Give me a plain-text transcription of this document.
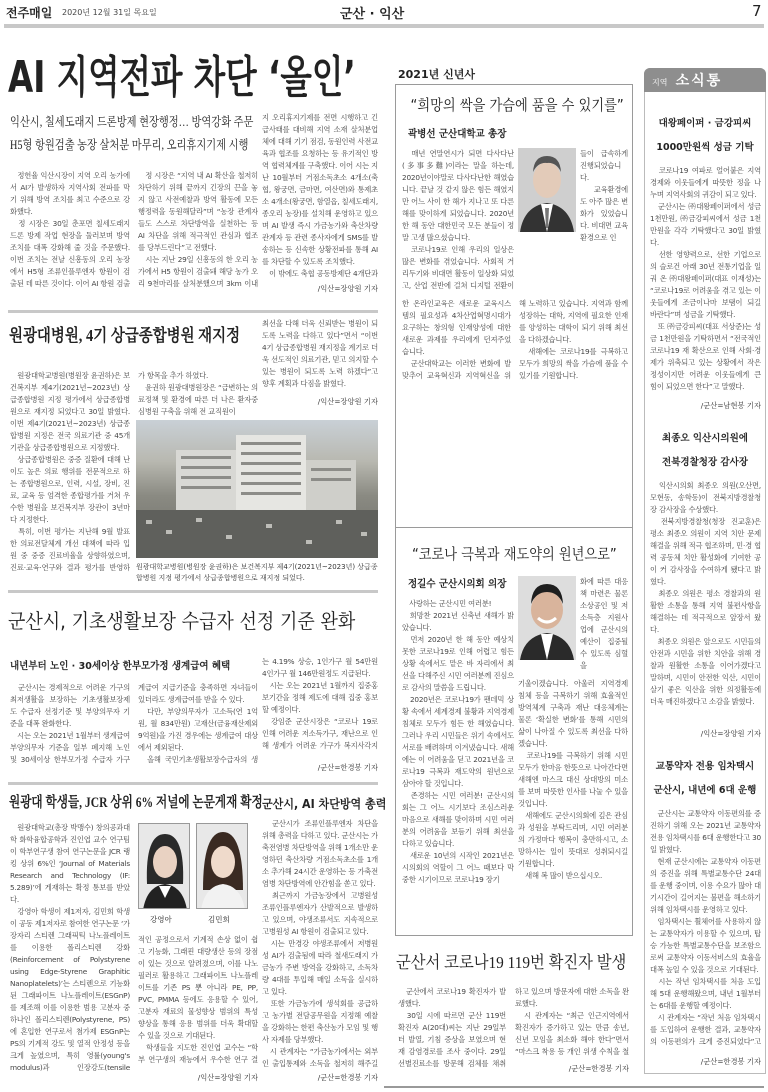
전주매일 2020년 12월 31일 목요일	군산 · 익산	7
AI 지역전파 차단 ‘올인’
익산시, 칠세도래지 드론방제 현장행정… 방역강화 주문
H5형 항원검출 농장 살처분 마무리, 오리휴지기제 시행
　정헌율 익산시장이 지역 오리 농가에서 AI가 발생하자 지역사회 전파를 막기 위해 방역 조치를 최고 수준으로 강화했다.
　정 시장은 30일 춘포면 칠세도래지 드론 방제 작업 현장을 둘러보며 방역 조치를 대폭 강화해 줄 것을 주문했다. 이번 조치는 전날 신흥동의 오리 농장에서 H5형 조류인플루엔자 항원이 검출된 데 따른 것이다. 이어 AI 항원 검출
　정 시장은 “지역 내 AI 확산을 철저히 차단하기 위해 끝까지 긴장의 끈을 놓지 않고 사전예찰과 방역 활동에 모든 행정력을 동원해달라”며 “농장 관계자들도 스스로 차단방역을 실천하는 등 AI 차단을 위해 적극적인 관심과 협조를 당부드린다”고 전했다.
　시는 지난 29일 신흥동의 한 오리 농가에서 H5 항원이 검출돼 해당 농가 오리 9천마리를 살처분했으며 3km 이내

지 오리휴지기제를 전면 시행하고 긴급사태를 대비해 지역 소재 살처분업체에 대해 기기 점검, 동원인력 사전교육과 협조를 요청하는 등 유기적인 방역 협력체계를 구축했다. 이어 시는 지난 10월부터 거점소독초소 4개소(축협, 왕궁면, 금마면, 여산면)와 통제초소 4개소(왕궁면, 함열읍, 칠세도래지, 종오리 농장)를 설치해 운영하고 있으며 AI 발생 즉시 가금농가와 축산차량 관계자 등 관련 종사자에게 SMS를 발송하는 등 신속한 상황전파를 통해 AI를 차단할 수 있도록 조치했다.
　이 밖에도 축협 공동방제단 4개단과
/익산=장양원 기자
원광대병원, 4기 상급종합병원 재지정
　원광대학교병원(병원장 윤권하)은 보건복지부 제4기(2021년~2023년) 상급종합병원 지정 평가에서 상급종합병원으로 재지정 되었다고 30일 밝혔다. 이번 제4기(2021년~2023년) 상급종합병원 지정은 전국 의료기관 중 45개 기관을 상급종합병원으로 지정했다.
　상급종합병원은 중증 질환에 대해 난이도 높은 의료 행위를 전문적으로 하는 종합병원으로, 인력, 시설, 장비, 진료, 교육 등 엄격한 종합평가를 거쳐 우수한 병원을 보건복지부 장관이 3년마다 지정한다.
　특히, 이번 평가는 지난해 9월 발표한 의료전달체계 개선 대책에 따라 입원 중 중증 진료비율을 상향하였으며, 진료·교육·연구와 결과 평가를 반영하
가 항목을 추가 하였다.
　윤권하 원광대병원장은 “급변하는 의료정책 및 환경에 따른 더 나은 환자중심병원 구축을 위해 전 교직원이
최선을 다해 더욱 신뢰받는 병원이 되도록 노력을 다하고 있다”면서 “이번 4기 상급종합병원 재지정을 계기로 더욱 선도적인 의료기관, 믿고 의지할 수 있는 병원이 되도록 노력 하겠다”고 향후 계획과 다짐을 밝혔다.
/익산=장양원 기자
원광대학교병원(병원장 윤권하)은 보건복지부 제4기(2021년~2023년) 상급종합병원 지정 평가에서 상급종합병원으로 재지정 되었다.
군산시, 기초생활보장 수급자 선정 기준 완화
내년부터 노인 · 30세이상 한부모가정 생계급여 혜택
　군산시는 경제적으로 어려운 가구의 최저생활을 보장하는 기초생활보장제도 수급자 선정기준 및 부양의무자 기준을 대폭 완화한다.
　시는 오는 2021년 1월부터 생계급여 부양의무자 기준을 일부 폐지해 노인 및 30세이상 한부모가정 수급자 가구

계급여 지급기준을 충족하면 자녀들이 있더라도 생계급여를 받을 수 있다.
　다만, 부양의무자가 고소득(연 1억원, 월 834만원) 고재산(금융재산제외 9억원)을 가진 경우에는 생계급여 대상에서 제외된다.
　올해 국민기초생활보장수급자의 생
는 4.19% 상승, 1인가구 월 54만원 4인가구 월 146만원정도 지급된다.
　시는 오는 2021년 1월까지 집중홍보기간을 정해 제도에 대해 집중 홍보할 예정이다.
　강임준 군산시장은 “코로나 19로 인해 어려운 저소득가구, 재난으로 인해 생계가 어려운 가구가 복지사각지
/군산=한경봉 기자
원광대 학생들, JCR 상위 6% 저널에 논문게재 확정
　원광대학교(총장 박맹수) 창의공과대학 화학융합공학과 진인엽 교수 연구팀이 학부연구생 참여 연구논문을 JCR 랭킹 상위 6%인 ‘Journal of Materials Research and Technology (IF: 5.289)’에 게재하는 확정 통보를 받았다.
　강영아 학생이 제1저자, 김민희 학생이 공동 제1저자로 참여한 연구논문 ‘가장자리 스티렌 그래픽틱 나노플레이트를 이용한 폴리스티렌 강화(Reinforcement of Polystyrene using Edge-Styrene Graphitic Nanoplatelets)’는 스티렌으로 기능화된 그래파이트 나노플레이트(ESGnP)를 제조해 이를 이용한 범용 고분자 중 하나인 폴리스티렌(Polystyrene, PS)에 혼입한 연구로서 첨가제 ESGnP는 PS의 기계적 강도 및 열적 안정성 등을 크게 높였으며, 특히 영률(young's modulus)과 인장강도(tensile

강영아	김민희
적인 공정으로서 기계적 손상 없이 쉽고 기능화, 그래핀 대량생산 등의 장점이 있는 것으로 알려졌으며, 이를 나노필러로 활용하고 그래파이트 나노플레이트를 기존 PS 뿐 아니라 PE, PP, PVC, PMMA 등에도 응용할 수 있어, 고분자 재료의 물성향상 범위의 특성 향상을 통해 응용 범위를 더욱 확대할 수 있을 것으로 기대된다.
　학생들을 지도한 진인엽 교수는 “학부 연구생의 재능에서 우수한 연구 결
/익산=장양원 기자
군산시, AI 차단방역 총력
　군산시가 조류인플루엔자 차단을 위해 총력을 다하고 있다. 군산시는 가축전염병 차단방역을 위해 1개소만 운영하던 축산차량 거점소독초소를 1개소 추가해 24시간 운영하는 등 가축전염병 차단방역에 안간힘을 쏟고 있다.
　최근까지 가금농장에서 고병원성 조류인플루엔자가 산발적으로 발생하고 있으며, 야생조류서도 지속적으로 고병원성 AI 항원이 검출되고 있다.
　시는 만경강 야생조류에서 저병원성 AI가 검출됨에 따라 철새도래지 가금농가 주변 방역을 강화하고, 소독차량 4대를 투입해 매일 소독을 실시하고 있다.
　또한 가금농가에 생석회를 공급하고 농가별 전담공무원을 지정해 예찰을 강화하는 한편 축산농가 모임 및 행사 자제를 당부했다.
　시 관계자는 “가금농가에서는 외부인 출입통제와 소독을 철저히 해주길
/군산=한경봉 기자
2021년 신년사
“희망의 싹을 가슴에 품을 수 있기를”
곽병선 군산대학교 총장
　매년 연말연시가 되면 다사다난(多事多難)이라는 말을 하는데, 2020년이야말로 다사다난한 해였습니다. 끝날 것 같지 않은 힘든 해였지만 어느 사이 한 해가 지나고 또 다른 해를 맞이하게 되었습니다. 2020년 한 해 동안 대한민국 모든 분들이 정말 고생 많으셨습니다.
　코로나19로 인해 우리의 일상은 많은 변화를 겪었습니다. 사회적 거리두기와 비대면 활동이 일상화 되었고, 산업 전반에 걸쳐 디지털 전환이
들이 급속하게 진행되었습니다.
　교육환경에도 아주 많은 변화가 있었습니다. 비대면 교육환경으로 인
한 온라인교육은 새로운 교육시스템의 필요성과 4차산업혁명시대가 요구하는 창의형 인재양성에 대한 새로운 과제를 우리에게 던져주었습니다.
　군산대학교는 이러한 변화에 발맞추어 교육혁신과 지역혁신을 위해 노력하고 있습니다. 지역과 함께 성장하는 대학, 지역에 필요한 인재를 양성하는 대학이 되기 위해 최선을 다하겠습니다.
　새해에는 코로나19를 극복하고 모두가 희망의 싹을 가슴에 품을 수 있기를 기원합니다.
“코로나 극복과 재도약의 원년으로”
정길수 군산시의회 의장
　사랑하는 군산시민 여러분!
　희망찬 2021년 신축년 새해가 밝았습니다.
　먼저 2020년 한 해 동안 예상치 못한 코로나19로 인해 어렵고 힘든 상황 속에서도 맡은 바 자리에서 최선을 다해주신 시민 여러분께 진심으로 감사의 말씀을 드립니다.
　2020년은 코로나19가 팬데믹 상황 속에서 세계경제 불황과 지역경제 침체로 모두가 힘든 한 해였습니다. 그러나 우리 시민들은 위기 속에서도 서로를 배려하며 이겨냈습니다. 새해에는 이 어려움을 딛고 2021년을 코로나19 극복과 재도약의 원년으로 삼아야 할 것입니다.
　존경하는 시민 여러분! 군산시의회는 그 어느 시기보다 조심스러운 마음으로 새해를 맞이하며 시민 여러분의 어려움을 보듬기 위해 최선을 다하고 있습니다.
　새로운 10년의 시작인 2021년은 시의회의 역할이 그 어느 때보다 막중한 시기이므로 코로나19 장기
화에 따른 대응책 마련은 물론 소상공인 및 저소득층 지원사업에 군산시의 예산이 집중될 수 있도록 심혈을
기울이겠습니다. 아울러 지역경제 침체 등을 극복하기 위해 효율적인 방역체계 구축과 재난 대응체계는 물론 ‘확실한 변화’를 통해 시민의 삶이 나아질 수 있도록 최선을 다하겠습니다.
　코로나19를 극복하기 위해 시민 모두가 한마음 한뜻으로 나아간다면 새해엔 마스크 대신 상대방의 미소를 보며 따뜻한 인사를 나눌 수 있을 것입니다.
　새해에도 군산시의회에 깊은 관심과 성원을 부탁드리며, 시민 여러분의 가정마다 행복이 충만하시고, 소망하시는 일이 뜻대로 성취되시길 기원합니다.
　새해 복 많이 받으십시오.
군산서 코로나19 119번 확진자 발생
　군산에서 코로나19 확진자가 발생했다.
　30일 시에 따르면 군산 119번 확진자 A(20대)씨는 지난 29일부터 발열, 기침 증상을 보였으며 현재 감염경로를 조사 중이다. 29일 선별진료소를 방문해 검체를 채취

하고 있으며 방문자에 대한 소독을 완료했다.
　시 관계자는 “최근 인근지역에서 확진자가 증가하고 있는 만큼 송년, 신년 모임을 최소화 해야 한다”면서 “마스크 착용 등 개인 위생 수칙을 철
/군산=한경봉 기자
지역 소식통
대왕페이퍼 · 금강피씨
1000만원씩 성금 기탁
　코로나19 여파로 얼어붙은 지역경제와 이웃들에게 따뜻한 정을 나누며 지역사회의 귀감이 되고 있다.
　군산시는 ㈜대왕페이퍼에서 성금 1천만원, ㈜금강피씨에서 성금 1천만원을 각각 기탁했다고 30일 밝혔다.
　선한 영향력으로, 선한 기업으로의 슬로건 아래 30년 전통기업을 일궈 온 ㈜대왕페이퍼(대표 이재성)는 “코로나19로 어려움을 겪고 있는 이웃들에게 조금이나마 보탬이 되길 바란다”며 성금을 기탁했다.
　또 ㈜금강피씨(대표 서상준)는 성금 1천만원을 기탁하면서 “전국적인 코로나19 재 확산으로 인해 사회·경제가 위축되고 있는 상황에서 작은 정성이지만 어려운 이웃들에게 큰 힘이 되었으면 한다”고 말했다.
/군산=남현봉 기자
최종오 익산시의원에
전북경찰청장 감사장
　익산시의회 최종오 의원(오산면, 모현동, 송학동)이 전북지방경찰청장 감사장을 수상했다.
　전북지방경찰청(청장 진교훈)은 평소 최종오 의원이 지역 치안 문제해결을 위해 적극 협조하며, 민·경 협력 공동체 치안 활성화에 기여한 공이 커 감사장을 수여하게 됐다고 밝혔다.
　최종오 의원은 평소 경찰과의 원활한 소통을 통해 지역 불편사항을 해결하는 데 적극적으로 앞장서 왔다.
　최종오 의원은 앞으로도 시민들의 안전과 시민을 위한 치안을 위해 경찰과 원활한 소통을 이어가겠다고 말하며, 시민이 안전한 익산, 시민이 살기 좋은 익산을 위한 의정활동에 더욱 매진하겠다고 소감을 밝혔다.
/익산=장양원 기자
교통약자 전용 임차택시
군산시, 내년에 6대 운행
　군산시는 교통약자 이동편의를 증진하기 위해 오는 2021년 교통약자 전용 임차택시를 6대 운행한다고 30일 밝혔다.
　현재 군산시에는 교통약자 이동편의 증진을 위해 특별교통수단 24대를 운행 중이며, 이용 수요가 많아 대기시간이 길어지는 불편을 해소하기 위해 임차택시를 운영하고 있다.
　임차택시는 휠체어를 사용하지 않는 교통약자가 이용할 수 있으며, 탑승 가능한 특별교통수단을 보조함으로써 교통약자 이동서비스의 효율을 대폭 높일 수 있을 것으로 기대된다.
　시는 작년 임차택시를 처음 도입해 5대 운행해왔으며, 내년 1월부터는 6대를 운행할 예정이다.
　시 관계자는 “작년 처음 임차택시를 도입하여 운행한 결과, 교통약자의 이동편의가 크게 증진되었다”고
/군산=한경봉 기자
